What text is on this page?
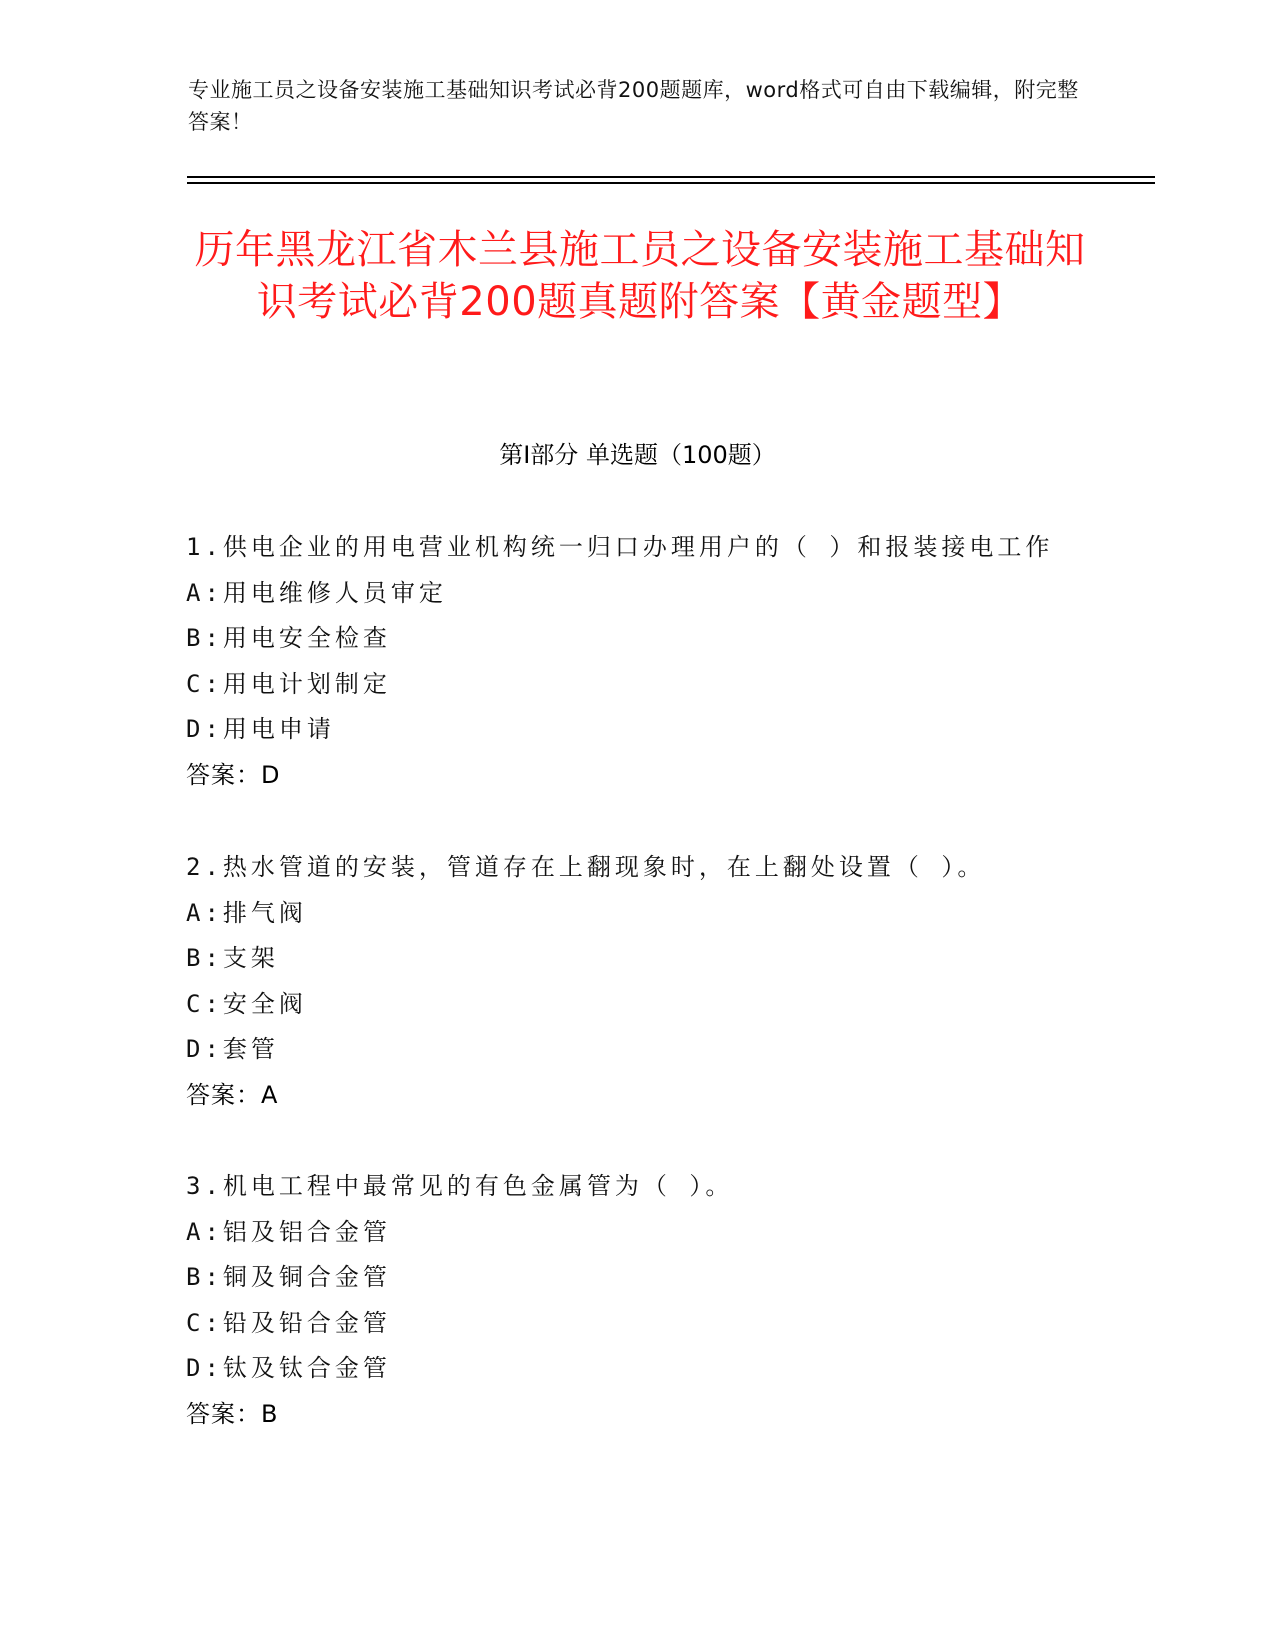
专业施工员之设备安装施工基础知识考试必背200题题库，word格式可自由下载编辑，附完整答案！
历年黑龙江省木兰县施工员之设备安装施工基础知识考试必背200题真题附答案【黄金题型】
第I部分 单选题（100题）
1.供电企业的用电营业机构统一归口办理用户的（ ）和报装接电工作
A:用电维修人员审定
B:用电安全检查
C:用电计划制定
D:用电申请
答案：D
2.热水管道的安装，管道存在上翻现象时，在上翻处设置（ ）。
A:排气阀
B:支架
C:安全阀
D:套管
答案：A
3.机电工程中最常见的有色金属管为（ ）。
A:铝及铝合金管
B:铜及铜合金管
C:铅及铅合金管
D:钛及钛合金管
答案：B
